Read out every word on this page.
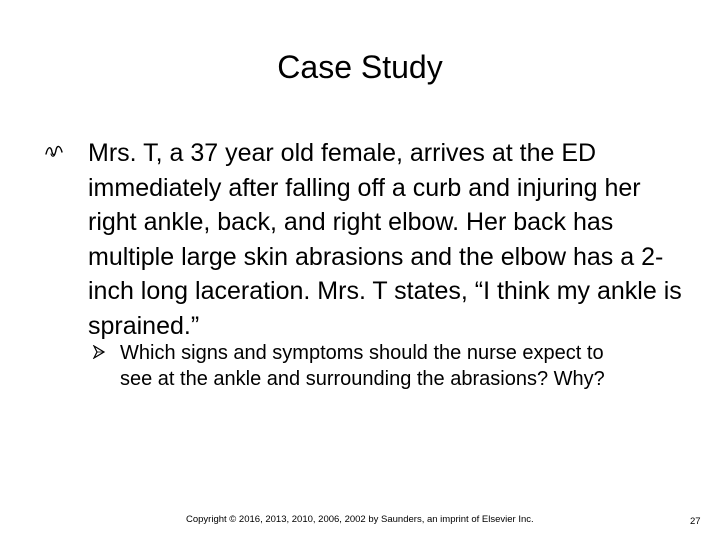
Case Study

Mrs. T, a 37 year old female, arrives at the ED immediately after falling off a curb and injuring her right ankle, back, and right elbow. Her back has multiple large skin abrasions and the elbow has a 2-inch long laceration. Mrs. T states, “I think my ankle is sprained.”

Which signs and symptoms should the nurse expect to see at the ankle and surrounding the abrasions? Why?

Copyright © 2016, 2013, 2010, 2006, 2002 by Saunders, an imprint of Elsevier Inc.	27
